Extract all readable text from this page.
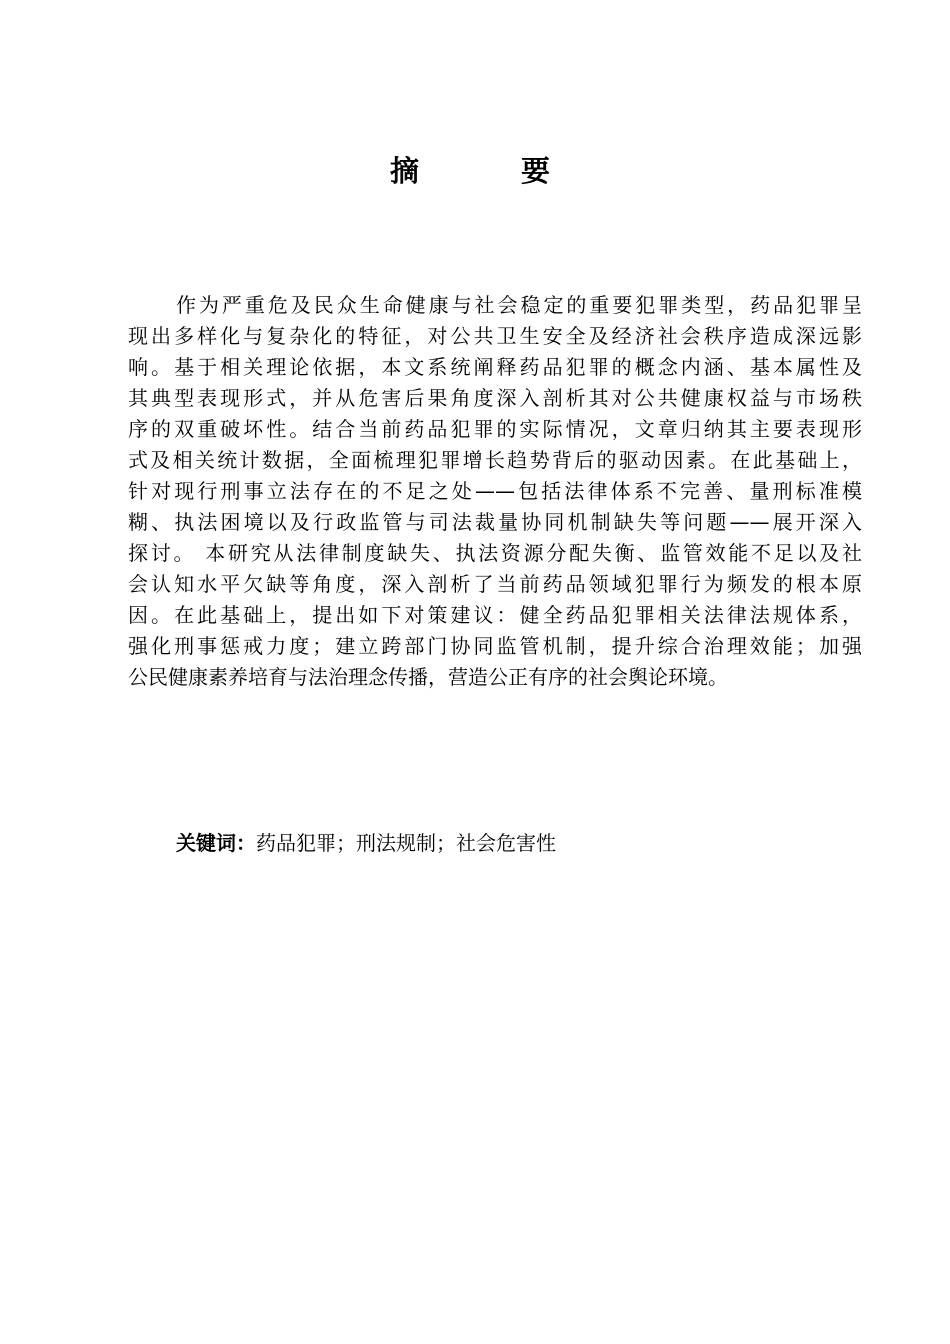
摘 要
作为严重危及民众生命健康与社会稳定的重要犯罪类型，药品犯罪呈
现出多样化与复杂化的特征，对公共卫生安全及经济社会秩序造成深远影
响。基于相关理论依据，本文系统阐释药品犯罪的概念内涵、基本属性及
其典型表现形式，并从危害后果角度深入剖析其对公共健康权益与市场秩
序的双重破坏性。结合当前药品犯罪的实际情况，文章归纳其主要表现形
式及相关统计数据，全面梳理犯罪增长趋势背后的驱动因素。在此基础上，
针对现行刑事立法存在的不足之处——包括法律体系不完善、量刑标准模
糊、执法困境以及行政监管与司法裁量协同机制缺失等问题——展开深入
探讨。 本研究从法律制度缺失、执法资源分配失衡、监管效能不足以及社
会认知水平欠缺等角度，深入剖析了当前药品领域犯罪行为频发的根本原
因。在此基础上，提出如下对策建议：健全药品犯罪相关法律法规体系，
强化刑事惩戒力度；建立跨部门协同监管机制，提升综合治理效能；加强
公民健康素养培育与法治理念传播，营造公正有序的社会舆论环境。
关键词：药品犯罪；刑法规制；社会危害性
